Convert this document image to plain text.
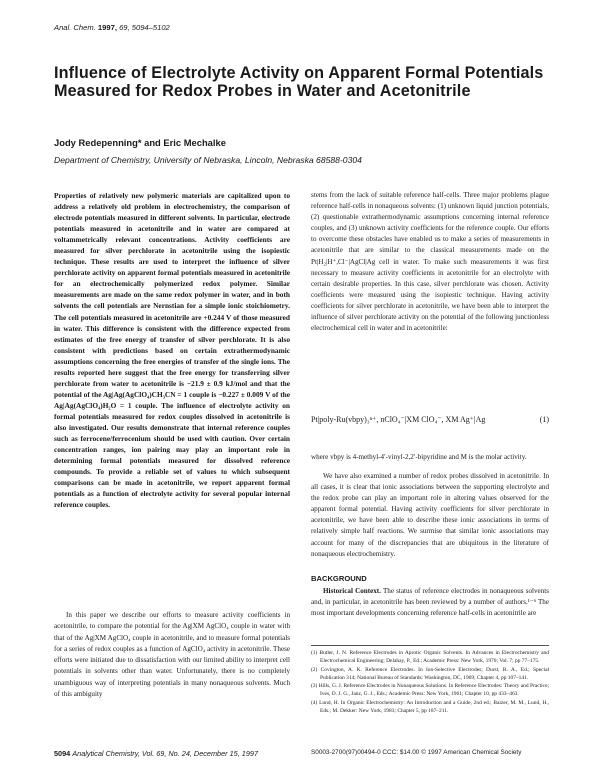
Anal. Chem. 1997, 69, 5094–5102
Influence of Electrolyte Activity on Apparent Formal Potentials Measured for Redox Probes in Water and Acetonitrile
Jody Redepenning* and Eric Mechalke
Department of Chemistry, University of Nebraska, Lincoln, Nebraska 68588-0304
Properties of relatively new polymeric materials are capitalized upon to address a relatively old problem in electrochemistry, the comparison of electrode potentials measured in different solvents. In particular, electrode potentials measured in acetonitrile and in water are compared at voltammetrically relevant concentrations. Activity coefficients are measured for silver perchlorate in acetonitrile using the isopiestic technique. These results are used to interpret the influence of silver perchlorate activity on apparent formal potentials measured in acetonitrile for an electrochemically polymerized redox polymer. Similar measurements are made on the same redox polymer in water, and in both solvents the cell potentials are Nernstian for a simple ionic stoichiometry. The cell potentials measured in acetonitrile are +0.244 V of those measured in water. This difference is consistent with the difference expected from estimates of the free energy of transfer of silver perchlorate. It is also consistent with predictions based on certain extrathermodynamic assumptions concerning the free energies of transfer of the single ions. The results reported here suggest that the free energy for transferring silver perchlorate from water to acetonitrile is −21.9 ± 0.9 kJ/mol and that the potential of the Ag|Ag(AgClO₄)CH₃CN = 1 couple is −0.227 ± 0.009 V of the Ag|Ag(AgClO₄)H₂O = 1 couple. The influence of electrolyte activity on formal potentials measured for redox couples dissolved in acetonitrile is also investigated. Our results demonstrate that internal reference couples such as ferrocene/ferrocenium should be used with caution. Over certain concentration ranges, ion pairing may play an important role in determining formal potentials measured for dissolved reference compounds. To provide a reliable set of values to which subsequent comparisons can be made in acetonitrile, we report apparent formal potentials as a function of electrolyte activity for several popular internal reference couples.
In this paper we describe our efforts to measure activity coefficients in acetonitrile, to compare the potential for the Ag|XM AgClO₄ couple in water with that of the Ag|XM AgClO₄ couple in acetonitrile, and to measure formal potentials for a series of redox couples as a function of AgClO₄ activity in acetonitrile. These efforts were initiated due to dissatisfaction with our limited ability to interpret cell potentials in solvents other than water. Unfortunately, there is no completely unambiguous way of interpreting potentials in many nonaqueous solvents. Much of this ambiguity
stems from the lack of suitable reference half-cells. Three major problems plague reference half-cells in nonaqueous solvents: (1) unknown liquid junction potentials, (2) questionable extrathermodynamic assumptions concerning internal reference couples, and (3) unknown activity coefficients for the reference couple. Our efforts to overcome these obstacles have enabled us to make a series of measurements in acetonitrile that are similar to the classical measurements made on the Pt|H₂|H⁺,Cl⁻|AgCl|Ag cell in water. To make such measurements it was first necessary to measure activity coefficients in acetonitrile for an electrolyte with certain desirable properties. In this case, silver perchlorate was chosen. Activity coefficients were measured using the isopiestic technique. Having activity coefficients for silver perchlorate in acetonitrile, we have been able to interpret the influence of silver perchlorate activity on the potential of the following junctionless electrochemical cell in water and in acetonitrile:
Pt|poly-Ru(vbpy)₃ⁿ⁺, nClO₄⁻|XM ClO₄⁻, XM Ag⁺|Ag	(1)
where vbpy is 4-methyl-4′-vinyl-2,2′-bipyridine and M is the molar activity.
We have also examined a number of redox probes dissolved in acetonitrile. In all cases, it is clear that ionic associations between the supporting electrolyte and the redox probe can play an important role in altering values observed for the apparent formal potential. Having activity coefficients for silver perchlorate in acetonitrile, we have been able to describe these ionic associations in terms of relatively simple half reactions. We surmise that similar ionic associations may account for many of the discrepancies that are ubiquitous in the literature of nonaqueous electrochemistry.
BACKGROUND
Historical Context. The status of reference electrodes in nonaqueous solvents and, in particular, in acetonitrile has been reviewed by a number of authors.¹⁻⁶ The most important developments concerning reference half-cells in acetonitrile are
(1) Butler, J. N. Reference Electrodes in Aprotic Organic Solvents. In Advances in Electrochemistry and Electrochemical Engineering; Delahay, P., Ed.; Academic Press: New York, 1970; Vol. 7; pp 77–175.
(2) Covington, A. K. Reference Electrodes. In Ion-Selective Electrodes; Durst, R. A., Ed.; Special Publication 314; National Bureau of Standards: Washington, DC, 1969; Chapter 4, pp 107–141.
(3) Hills, G. J. Reference Electrodes in Nonaqueous Solutions. In Reference Electrodes: Theory and Practice; Ives, D. J. G., Janz, G. J., Eds.; Academic Press: New York, 1961; Chapter 10, pp 433–463.
(4) Lund, H. In Organic Electrochemistry: An Introduction and a Guide, 2nd ed.; Baizer, M. M., Lund, H., Eds.; M. Dekker: New York, 1983; Chapter 5, pp 187–211.
5094 Analytical Chemistry, Vol. 69, No. 24, December 15, 1997	S0003-2700(97)00494-0 CCC: $14.00 © 1997 American Chemical Society
